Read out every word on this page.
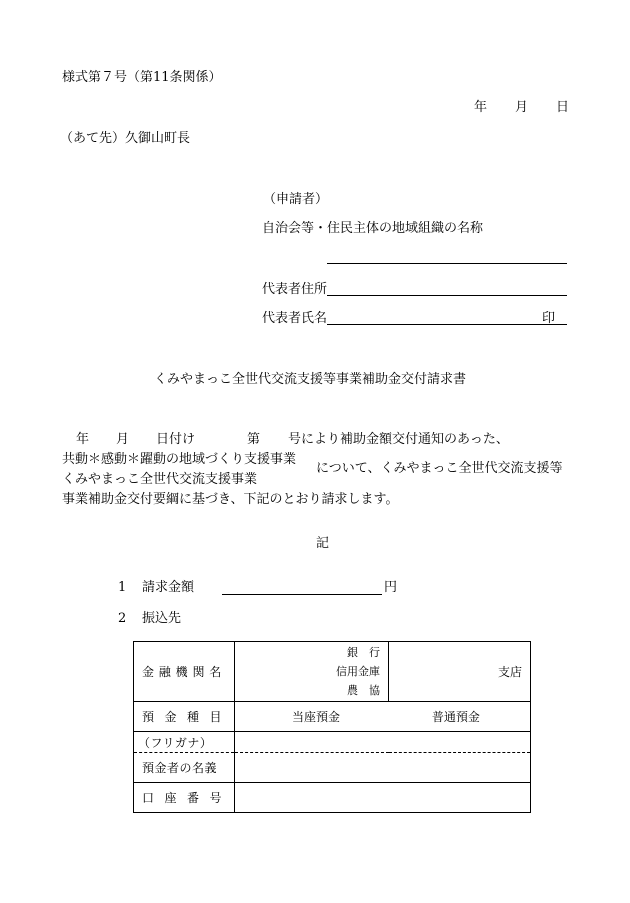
様式第７号（第11条関係）
年 月 日
（あて先）久御山町長
（申請者）
自治会等・住民主体の地域組織の名称
代表者住所
代表者氏名	印
くみやまっこ全世代交流支援等事業補助金交付請求書
年 月 日付け	第 号により補助金額交付通知のあった、
共動＊感動＊躍動の地域づくり支援事業
くみやまっこ全世代交流支援事業
について、くみやまっこ全世代交流支援等
事業補助金交付要綱に基づき、下記のとおり請求します。
記
1 請求金額	円
2 振込先
金 融 機 関 名	銀　行
信用金庫
農　協	支店

預 金 種 目	当座預金 普通預金	
（フリガナ）		
預金者の名義		

口 座 番 号		
